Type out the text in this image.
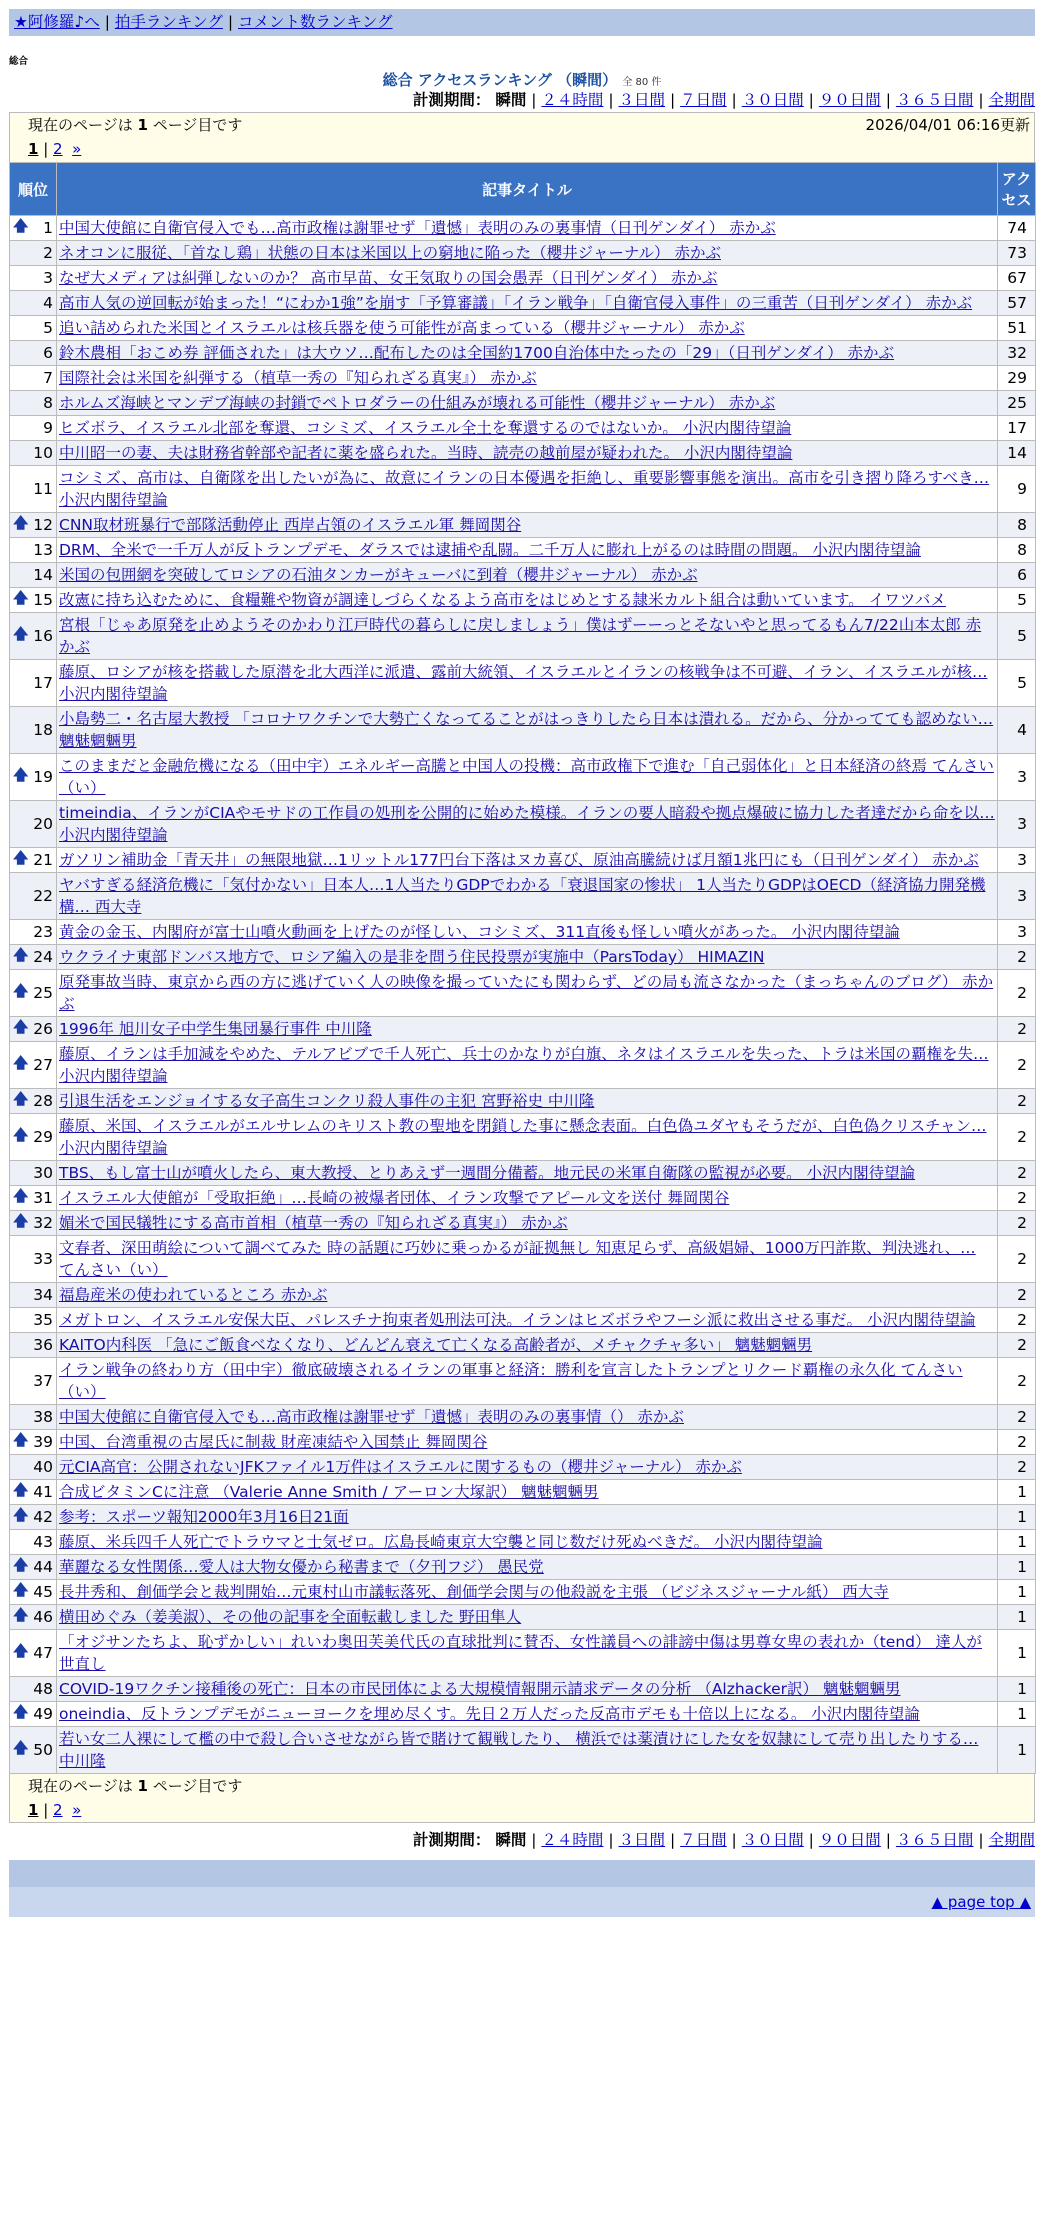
★阿修羅♪へ | 拍手ランキング | コメント数ランキング
総合
総合 アクセスランキング （瞬間） 全 80 件
計測期間： 瞬間 | ２４時間 | ３日間 | ７日間 | ３０日間 | ９０日間 | ３６５日間 | 全期間
現在のページは 1 ページ目です	2026/04/01 06:16更新
1 | 2 »
順位	記事タイトル	アクセス

🡅 1	中国大使館に自衛官侵入でも…高市政権は謝罪せず「遺憾」表明のみの裏事情（日刊ゲンダイ） 赤かぶ	74
2	ネオコンに服従、「首なし鶏」状態の日本は米国以上の窮地に陥った（櫻井ジャーナル） 赤かぶ	73
3	なぜ大メディアは糾弾しないのか？ 高市早苗、女王気取りの国会愚弄（日刊ゲンダイ） 赤かぶ	67
4	高市人気の逆回転が始まった！“にわか1強”を崩す「予算審議」「イラン戦争」「自衛官侵入事件」の三重苦（日刊ゲンダイ） 赤かぶ	57
5	追い詰められた米国とイスラエルは核兵器を使う可能性が高まっている（櫻井ジャーナル） 赤かぶ	51
6	鈴木農相「おこめ券 評価された」は大ウソ…配布したのは全国約1700自治体中たったの「29」（日刊ゲンダイ） 赤かぶ	32
7	国際社会は米国を糾弾する（植草一秀の『知られざる真実』） 赤かぶ	29
8	ホルムズ海峡とマンデブ海峡の封鎖でペトロダラーの仕組みが壊れる可能性（櫻井ジャーナル） 赤かぶ	25
9	ヒズボラ、イスラエル北部を奪還、コシミズ、イスラエル全土を奪還するのではないか。 小沢内閣待望論	17
10	中川昭一の妻、夫は財務省幹部や記者に薬を盛られた。当時、読売の越前屋が疑われた。 小沢内閣待望論	14
11	コシミズ、高市は、自衛隊を出したいが為に、故意にイランの日本優遇を拒絶し、重要影響事態を演出。高市を引き摺り降ろすべき… 小沢内閣待望論	9

🡅 12	CNN取材班暴行で部隊活動停止 西岸占領のイスラエル軍 舞岡関谷	8
13	DRM、全米で一千万人が反トランプデモ、ダラスでは逮捕や乱闘。二千万人に膨れ上がるのは時間の問題。 小沢内閣待望論	8
14	米国の包囲網を突破してロシアの石油タンカーがキューバに到着（櫻井ジャーナル） 赤かぶ	6

🡅 15	改憲に持ち込むために、食糧難や物資が調達しづらくなるよう高市をはじめとする隷米カルト組合は動いています。 イワツバメ	5

🡅 16	宮根「じゃあ原発を止めようそのかわり江戸時代の暮らしに戻しましょう」僕はずーーっとそないやと思ってるもん7/22山本太郎 赤かぶ	5
17	藤原、ロシアが核を搭載した原潜を北大西洋に派遣、露前大統領、イスラエルとイランの核戦争は不可避、イラン、イスラエルが核… 小沢内閣待望論	5
18	小島勢二・名古屋大教授 「コロナワクチンで大勢亡くなってることがはっきりしたら日本は潰れる。だから、分かってても認めない… 魑魅魍魎男	4

🡅 19	このままだと金融危機になる（田中宇）エネルギー高騰と中国人の投機：高市政権下で進む「自己弱体化」と日本経済の終焉 てんさい（い）	3
20	timeindia、イランがCIAやモサドの工作員の処刑を公開的に始めた模様。イランの要人暗殺や拠点爆破に協力した者達だから命を以… 小沢内閣待望論	3

🡅 21	ガソリン補助金「青天井」の無限地獄…1リットル177円台下落はヌカ喜び、原油高騰続けば月額1兆円にも（日刊ゲンダイ） 赤かぶ	3
22	ヤバすぎる経済危機に「気付かない」日本人…1人当たりGDPでわかる「衰退国家の惨状」 1人当たりGDPはOECD（経済協力開発機構… 西大寺	3
23	黄金の金玉、内閣府が富士山噴火動画を上げたのが怪しい、コシミズ、311直後も怪しい噴火があった。 小沢内閣待望論	3

🡅 24	ウクライナ東部ドンバス地方で、ロシア編入の是非を問う住民投票が実施中（ParsToday） HIMAZIN	2

🡅 25	原発事故当時、東京から西の方に逃げていく人の映像を撮っていたにも関わらず、どの局も流さなかった（まっちゃんのブログ） 赤かぶ	2

🡅 26	1996年 旭川女子中学生集団暴行事件 中川隆	2

🡅 27	藤原、イランは手加減をやめた、テルアビブで千人死亡、兵士のかなりが白旗、ネタはイスラエルを失った、トラは米国の覇権を失… 小沢内閣待望論	2

🡅 28	引退生活をエンジョイする女子高生コンクリ殺人事件の主犯 宮野裕史 中川隆	2

🡅 29	藤原、米国、イスラエルがエルサレムのキリスト教の聖地を閉鎖した事に懸念表面。白色偽ユダヤもそうだが、白色偽クリスチャン… 小沢内閣待望論	2
30	TBS、もし富士山が噴火したら、東大教授、とりあえず一週間分備蓄。地元民の米軍自衛隊の監視が必要。 小沢内閣待望論	2

🡅 31	イスラエル大使館が「受取拒絶」…長崎の被爆者団体、イラン攻撃でアピール文を送付 舞岡関谷	2

🡅 32	媚米で国民犠牲にする高市首相（植草一秀の『知られざる真実』） 赤かぶ	2
33	文春者、深田萌絵について調べてみた 時の話題に巧妙に乗っかるが証拠無し 知恵足らず、高級娼婦、1000万円詐欺、判決逃れ、… てんさい（い）	2
34	福島産米の使われているところ 赤かぶ	2
35	メガトロン、イスラエル安保大臣、パレスチナ拘束者処刑法可決。イランはヒズボラやフーシ派に救出させる事だ。 小沢内閣待望論	2
36	KAITO内科医 「急にご飯食べなくなり、どんどん衰えて亡くなる高齢者が、メチャクチャ多い」 魑魅魍魎男	2
37	イラン戦争の終わり方（田中宇）徹底破壊されるイランの軍事と経済：勝利を宣言したトランプとリクード覇権の永久化 てんさい（い）	2
38	中国大使館に自衛官侵入でも…高市政権は謝罪せず「遺憾」表明のみの裏事情（） 赤かぶ	2

🡅 39	中国、台湾重視の古屋氏に制裁 財産凍結や入国禁止 舞岡関谷	2
40	元CIA高官：公開されないJFKファイル1万件はイスラエルに関するもの（櫻井ジャーナル） 赤かぶ	2

🡅 41	合成ビタミンCに注意 （Valerie Anne Smith / アーロン大塚訳） 魑魅魍魎男	1

🡅 42	参考：スポーツ報知2000年3月16日21面	1
43	藤原、米兵四千人死亡でトラウマと士気ゼロ。広島長崎東京大空襲と同じ数だけ死ぬべきだ。 小沢内閣待望論	1

🡅 44	華麗なる女性関係…愛人は大物女優から秘書まで（夕刊フジ） 愚民党	1

🡅 45	長井秀和、創価学会と裁判開始…元東村山市議転落死、創価学会関与の他殺説を主張 （ビジネスジャーナル紙） 西大寺	1

🡅 46	横田めぐみ（姜美淑）、その他の記事を全面転載しました 野田隼人	1

🡅 47	「オジサンたちよ、恥ずかしい」れいわ奥田芙美代氏の直球批判に賛否、女性議員への誹謗中傷は男尊女卑の表れか（tend） 達人が世直し	1
48	COVID-19ワクチン接種後の死亡：日本の市民団体による大規模情報開示請求データの分析 （Alzhacker訳） 魑魅魍魎男	1

🡅 49	oneindia、反トランプデモがニューヨークを埋め尽くす。先日２万人だった反高市デモも十倍以上になる。 小沢内閣待望論	1

🡅 50	若い女二人裸にして檻の中で殺し合いさせながら皆で賭けて観戦したり、 横浜では薬漬けにした女を奴隷にして売り出したりする… 中川隆	1
現在のページは 1 ページ目です
1 | 2 »
計測期間： 瞬間 | ２４時間 | ３日間 | ７日間 | ３０日間 | ９０日間 | ３６５日間 | 全期間
▲ page top ▲
